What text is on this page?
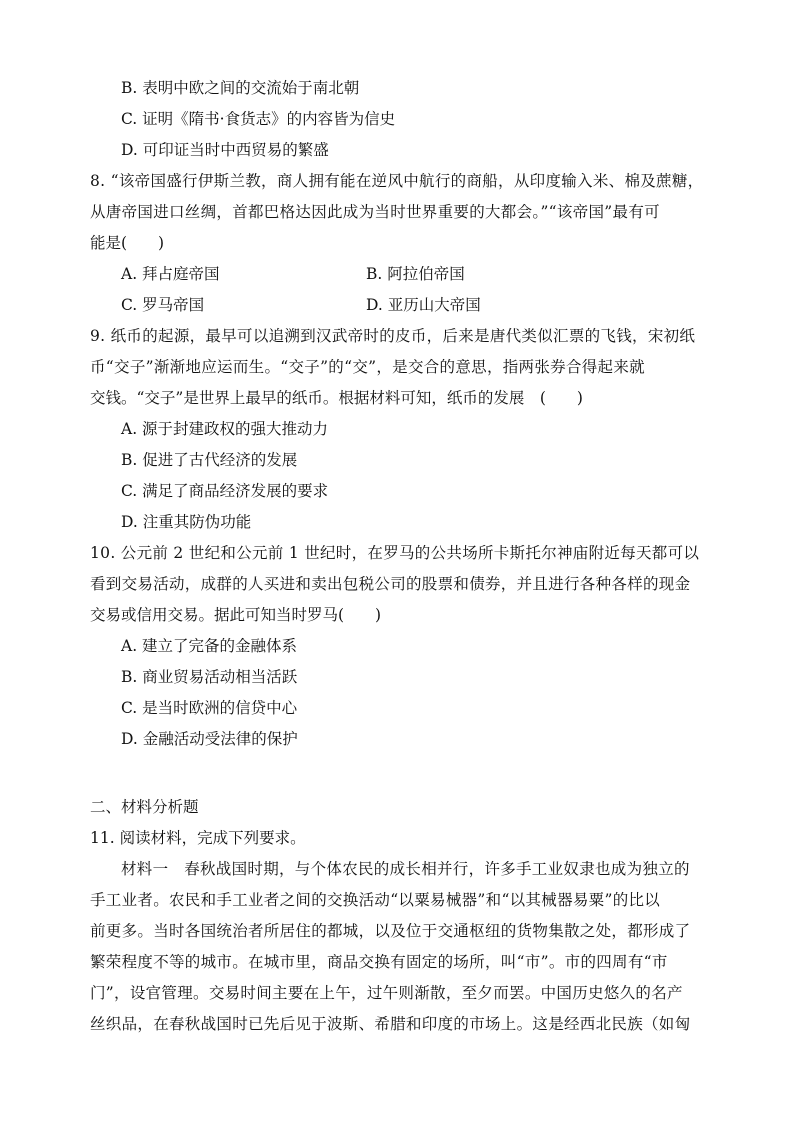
B. 表明中欧之间的交流始于南北朝
C. 证明《隋书·食货志》的内容皆为信史
D. 可印证当时中西贸易的繁盛
8. “该帝国盛行伊斯兰教，商人拥有能在逆风中航行的商船，从印度输入米、棉及蔗糖，
从唐帝国进口丝绸，首都巴格达因此成为当时世界重要的大都会。”“该帝国”最有可
能是(　　)
A. 拜占庭帝国	B. 阿拉伯帝国
C. 罗马帝国	D. 亚历山大帝国
9. 纸币的起源，最早可以追溯到汉武帝时的皮币，后来是唐代类似汇票的飞钱，宋初纸
币“交子”渐渐地应运而生。“交子”的“交”，是交合的意思，指两张券合得起来就
交钱。“交子”是世界上最早的纸币。根据材料可知，纸币的发展　(　　)
A. 源于封建政权的强大推动力
B. 促进了古代经济的发展
C. 满足了商品经济发展的要求
D. 注重其防伪功能
10. 公元前 2 世纪和公元前 1 世纪时，在罗马的公共场所卡斯托尔神庙附近每天都可以
看到交易活动，成群的人买进和卖出包税公司的股票和债券，并且进行各种各样的现金
交易或信用交易。据此可知当时罗马(　　)
A. 建立了完备的金融体系
B. 商业贸易活动相当活跃
C. 是当时欧洲的信贷中心
D. 金融活动受法律的保护
二、材料分析题
11. 阅读材料，完成下列要求。
材料一　春秋战国时期，与个体农民的成长相并行，许多手工业奴隶也成为独立的
手工业者。农民和手工业者之间的交换活动“以粟易械器”和“以其械器易粟”的比以
前更多。当时各国统治者所居住的都城，以及位于交通枢纽的货物集散之处，都形成了
繁荣程度不等的城市。在城市里，商品交换有固定的场所，叫“市”。市的四周有“市
门”，设官管理。交易时间主要在上午，过午则渐散，至夕而罢。中国历史悠久的名产
丝织品，在春秋战国时已先后见于波斯、希腊和印度的市场上。这是经西北民族（如匈
